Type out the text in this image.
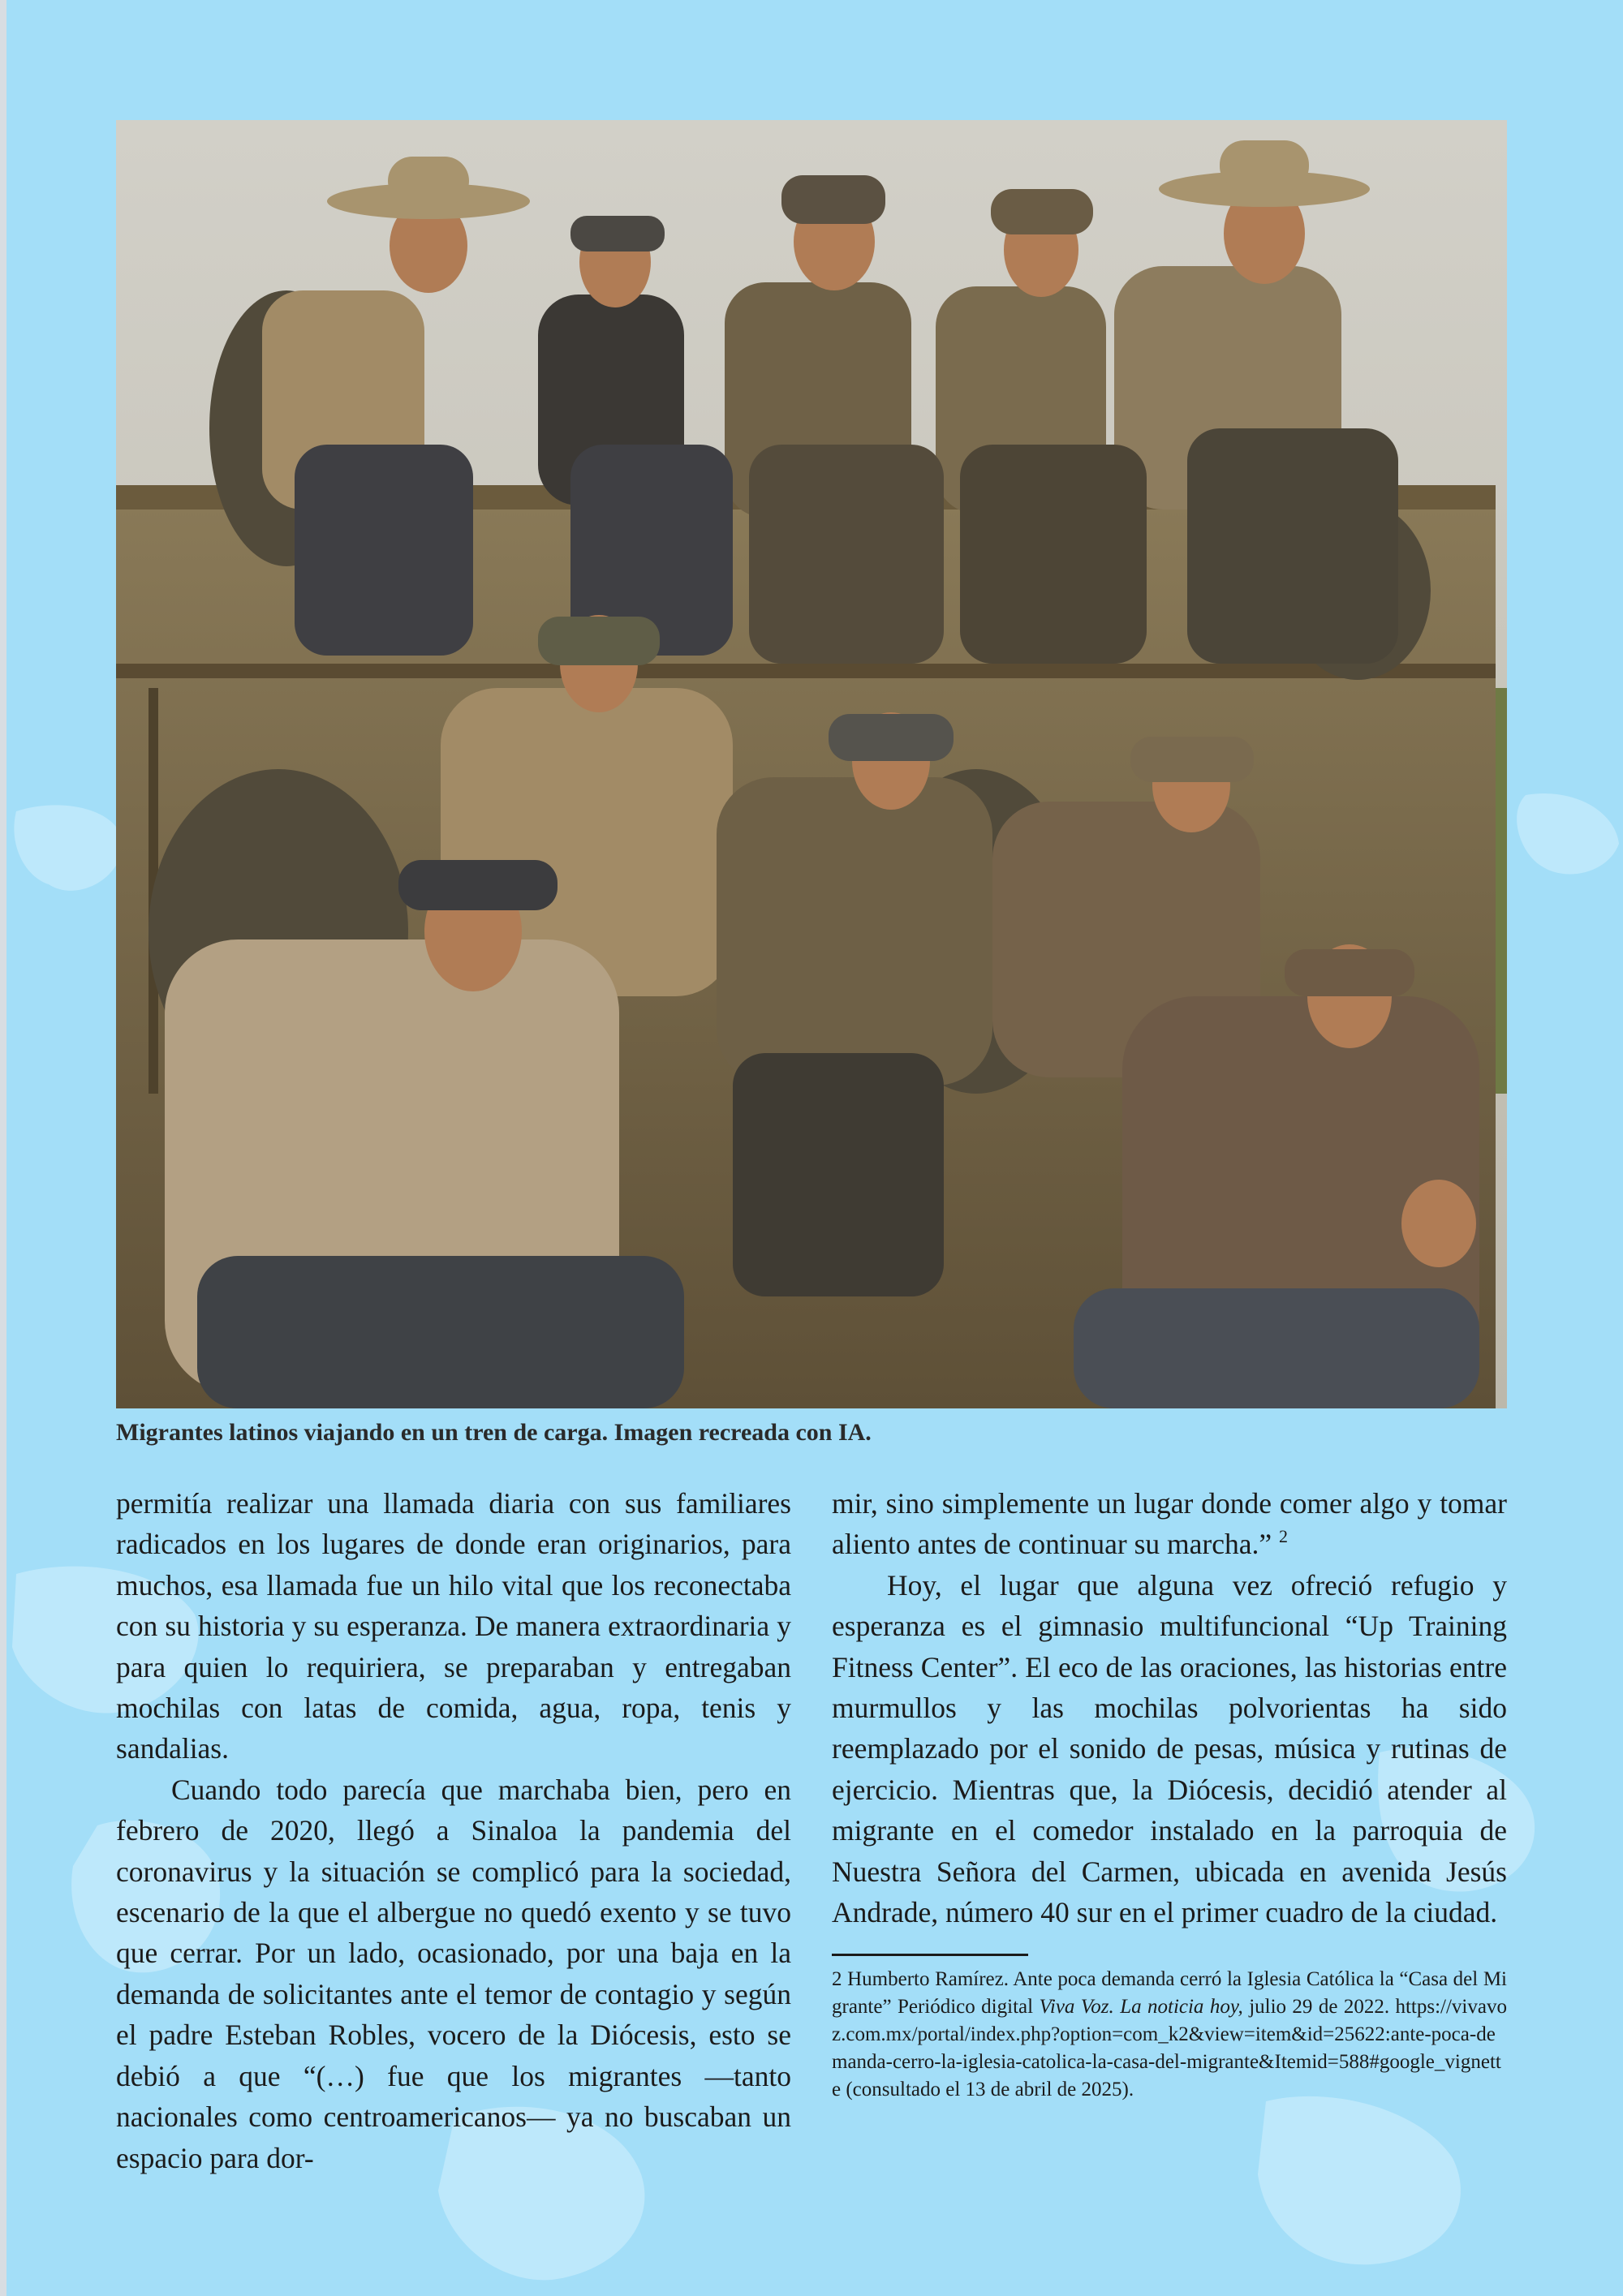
Migrantes latinos viajando en un tren de carga. Imagen recreada con IA.

permitía realizar una llamada diaria con sus familiares radicados en los lugares de donde eran originarios, para muchos, esa llamada fue un hilo vital que los reconectaba con su historia y su esperanza. De manera extraordinaria y para quien lo requiriera, se preparaban y entregaban mochilas con latas de comida, agua, ropa, tenis y sandalias.

Cuando todo parecía que marchaba bien, pero en febrero de 2020, llegó a Sinaloa la pandemia del coronavirus y la situación se complicó para la sociedad, escenario de la que el albergue no quedó exento y se tuvo que cerrar. Por un lado, ocasionado, por una baja en la demanda de solicitantes ante el temor de contagio y según el padre Esteban Robles, vocero de la Diócesis, esto se debió a que “(…) fue que los migrantes —tanto nacionales como centroamericanos— ya no buscaban un espacio para dor-

mir, sino simplemente un lugar donde comer algo y tomar aliento antes de continuar su marcha.” $^2$

Hoy, el lugar que alguna vez ofreció refugio y esperanza es el gimnasio multifuncional “Up Training Fitness Center”. El eco de las oraciones, las historias entre murmullos y las mochilas polvorientas ha sido reemplazado por el sonido de pesas, música y rutinas de ejercicio. Mientras que, la Diócesis, decidió atender al migrante en el comedor instalado en la parroquia de Nuestra Señora del Carmen, ubicada en avenida Jesús Andrade, número 40 sur en el primer cuadro de la ciudad.

2 Humberto Ramírez. Ante poca demanda cerró la Iglesia Católica la “Casa del Migrante” Periódico digital Viva Voz. La noticia hoy, julio 29 de 2022. https://vivavoz.com.mx/portal/index.php?option=com_k2&view=item&id=25622:ante-poca-demanda-cerro-la-iglesia-catolica-la-casa-del-migrante&Itemid=588#google_vignette (consultado el 13 de abril de 2025).
